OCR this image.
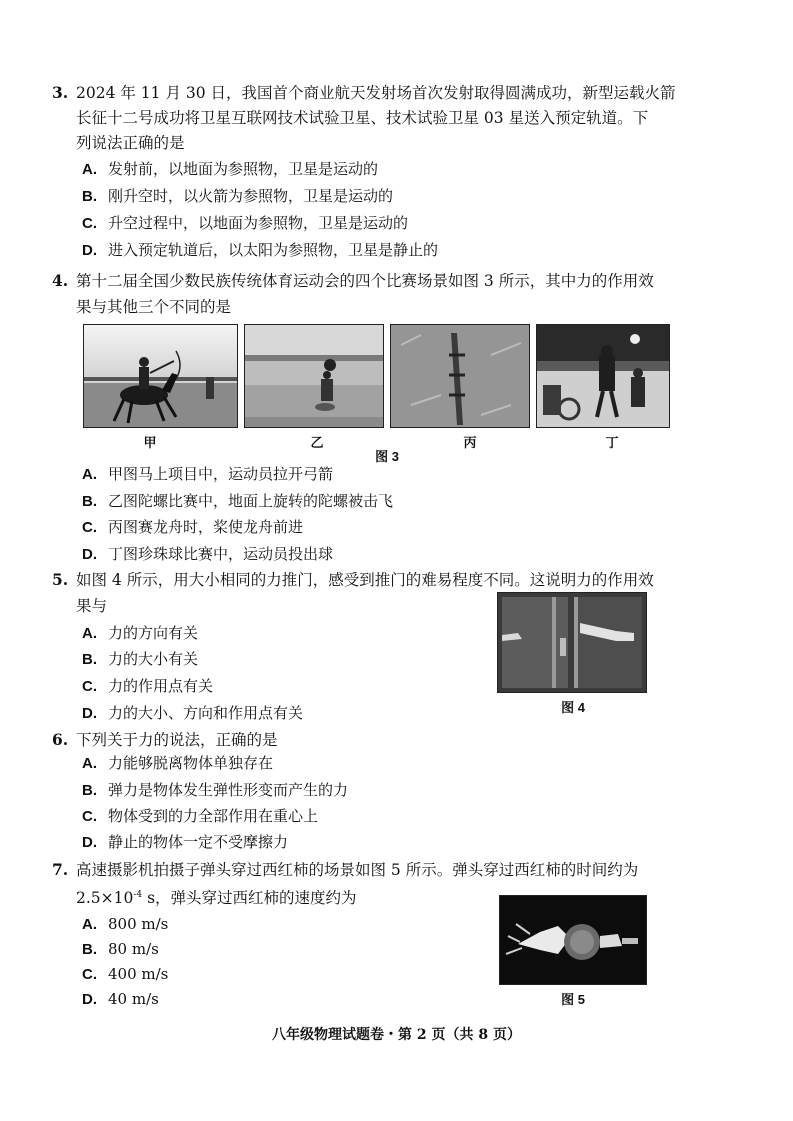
3. 2024 年 11 月 30 日，我国首个商业航天发射场首次发射取得圆满成功，新型运载火箭
长征十二号成功将卫星互联网技术试验卫星、技术试验卫星 03 星送入预定轨道。下
列说法正确的是
A. 发射前，以地面为参照物，卫星是运动的
B. 刚升空时，以火箭为参照物，卫星是运动的
C. 升空过程中，以地面为参照物，卫星是运动的
D. 进入预定轨道后，以太阳为参照物，卫星是静止的
4. 第十二届全国少数民族传统体育运动会的四个比赛场景如图 3 所示，其中力的作用效
果与其他三个不同的是
甲	乙
图 3
丙	丁
A. 甲图马上项目中，运动员拉开弓箭
B. 乙图陀螺比赛中，地面上旋转的陀螺被击飞
C. 丙图赛龙舟时，桨使龙舟前进
D. 丁图珍珠球比赛中，运动员投出球
5. 如图 4 所示，用大小相同的力推门，感受到推门的难易程度不同。这说明力的作用效
果与
图 4
A. 力的方向有关
B. 力的大小有关
C. 力的作用点有关
D. 力的大小、方向和作用点有关
6. 下列关于力的说法，正确的是
A. 力能够脱离物体单独存在
B. 弹力是物体发生弹性形变而产生的力
C. 物体受到的力全部作用在重心上
D. 静止的物体一定不受摩擦力
7. 高速摄影机拍摄子弹头穿过西红柿的场景如图 5 所示。弹头穿过西红柿的时间约为
$2.5\times 10^{-4}$ s，弹头穿过西红柿的速度约为
图 5
A. 800 m/s
B. 80 m/s
C. 400 m/s
D. 40 m/s
八年级物理试题卷・第 2 页（共 8 页）
